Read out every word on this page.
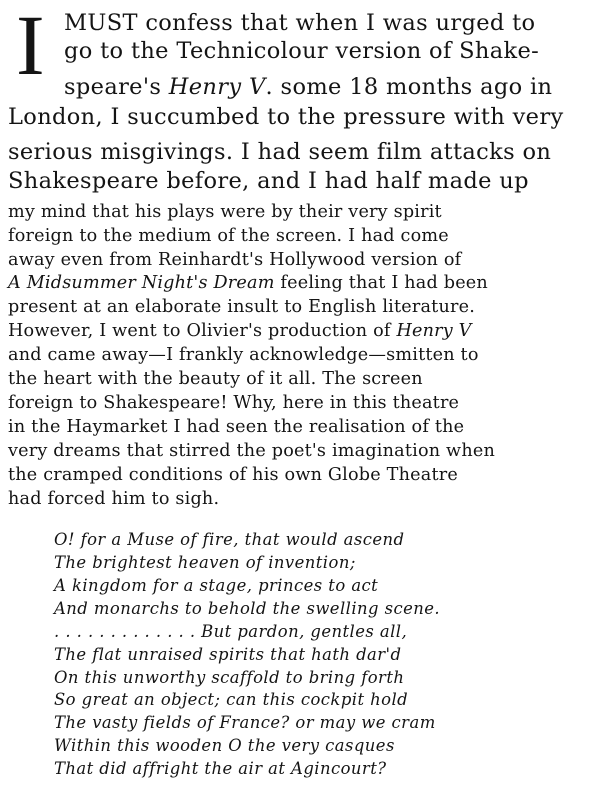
I MUST confess that when I was urged to
go to the Technicolour version of Shake-
speare's Henry V. some 18 months ago in
London, I succumbed to the pressure with very
serious misgivings. I had seem film attacks on
Shakespeare before, and I had half made up
my mind that his plays were by their very spirit
foreign to the medium of the screen. I had come
away even from Reinhardt's Hollywood version of
A Midsummer Night's Dream feeling that I had been
present at an elaborate insult to English literature.
However, I went to Olivier's production of Henry V
and came away—I frankly acknowledge—smitten to
the heart with the beauty of it all. The screen
foreign to Shakespeare! Why, here in this theatre
in the Haymarket I had seen the realisation of the
very dreams that stirred the poet's imagination when
the cramped conditions of his own Globe Theatre
had forced him to sigh.
O! for a Muse of fire, that would ascend
The brightest heaven of invention;
A kingdom for a stage, princes to act
And monarchs to behold the swelling scene.
. . . . . . . . . . . . . But pardon, gentles all,
The flat unraised spirits that hath dar'd
On this unworthy scaffold to bring forth
So great an object; can this cockpit hold
The vasty fields of France? or may we cram
Within this wooden O the very casques
That did affright the air at Agincourt?
